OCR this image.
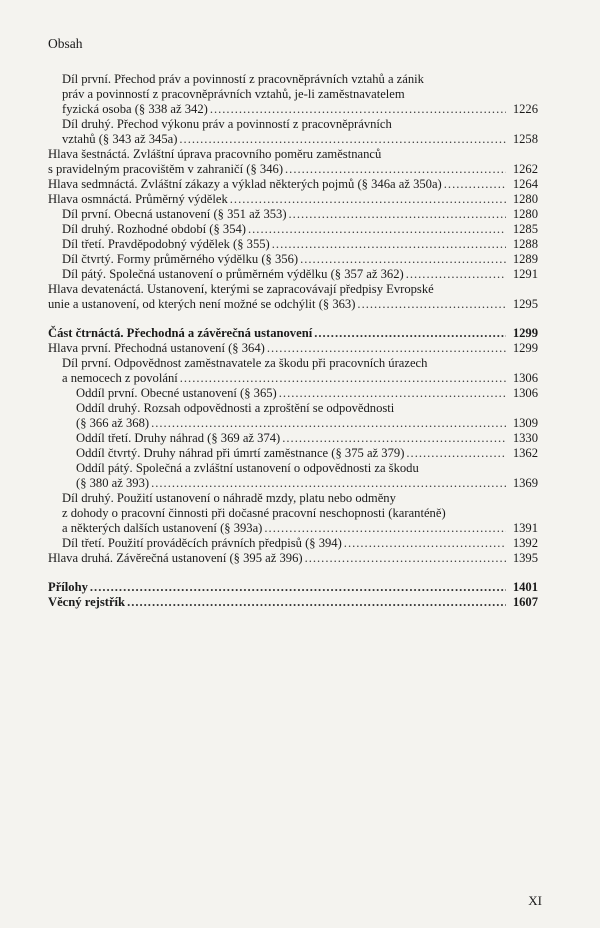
Obsah
Díl první. Přechod práv a povinností z pracovněprávních vztahů a zánik
práv a povinností z pracovněprávních vztahů, je-li zaměstnavatelem
fyzická osoba (§ 338 až 342) .....	1226
Díl druhý. Přechod výkonu práv a povinností z pracovněprávních
vztahů (§ 343 až 345a) .....	1258
Hlava šestnáctá. Zvláštní úprava pracovního poměru zaměstnanců
s pravidelným pracovištěm v zahraničí (§ 346) .....	1262
Hlava sedmnáctá. Zvláštní zákazy a výklad některých pojmů (§ 346a až 350a) .....	1264
Hlava osmnáctá. Průměrný výdělek .....	1280
Díl první. Obecná ustanovení (§ 351 až 353) .....	1280
Díl druhý. Rozhodné období (§ 354) .....	1285
Díl třetí. Pravděpodobný výdělek (§ 355) .....	1288
Díl čtvrtý. Formy průměrného výdělku (§ 356) .....	1289
Díl pátý. Společná ustanovení o průměrném výdělku (§ 357 až 362) .....	1291
Hlava devatenáctá. Ustanovení, kterými se zapracovávají předpisy Evropské
unie a ustanovení, od kterých není možné se odchýlit (§ 363) .....	1295
Část čtrnáctá. Přechodná a závěrečná ustanovení .....	1299
Hlava první. Přechodná ustanovení (§ 364) .....	1299
Díl první. Odpovědnost zaměstnavatele za škodu při pracovních úrazech
a nemocech z povolání .....	1306
Oddíl první. Obecné ustanovení (§ 365) .....	1306
Oddíl druhý. Rozsah odpovědnosti a zproštění se odpovědnosti
(§ 366 až 368) .....	1309
Oddíl třetí. Druhy náhrad (§ 369 až 374) .....	1330
Oddíl čtvrtý. Druhy náhrad při úmrtí zaměstnance (§ 375 až 379) .....	1362
Oddíl pátý. Společná a zvláštní ustanovení o odpovědnosti za škodu
(§ 380 až 393) .....	1369
Díl druhý. Použití ustanovení o náhradě mzdy, platu nebo odměny
z dohody o pracovní činnosti při dočasné pracovní neschopnosti (karanténě)
a některých dalších ustanovení (§ 393a) .....	1391
Díl třetí. Použití prováděcích právních předpisů (§ 394) .....	1392
Hlava druhá. Závěrečná ustanovení (§ 395 až 396) .....	1395
Přílohy .....	1401
Věcný rejstřík .....	1607
XI
